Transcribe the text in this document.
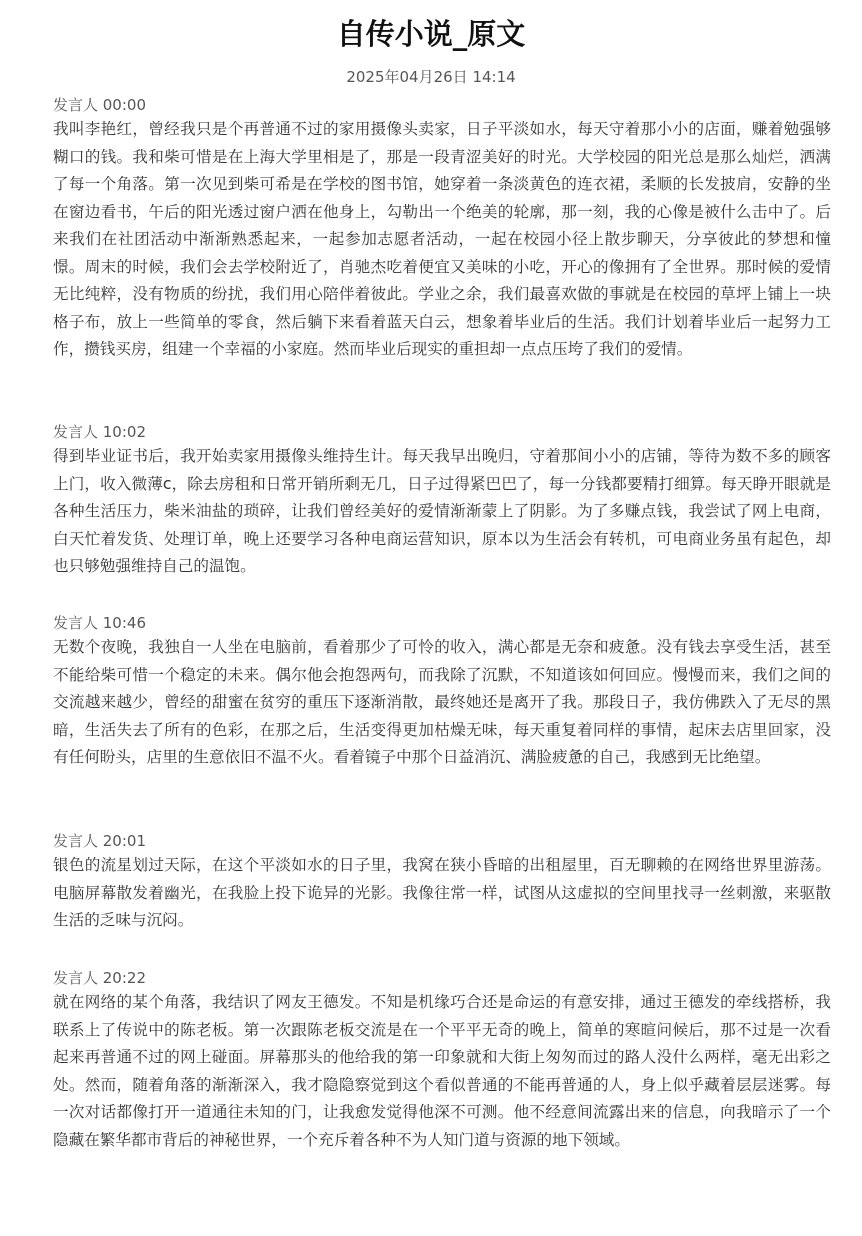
自传小说_原文
2025年04月26日 14:14
发言人 00:00

我叫李艳红，曾经我只是个再普通不过的家用摄像头卖家，日子平淡如水，每天守着那小小的店面，赚着勉强够糊口的钱。我和柴可惜是在上海大学里相是了，那是一段青涩美好的时光。大学校园的阳光总是那么灿烂，洒满了每一个角落。第一次见到柴可希是在学校的图书馆，她穿着一条淡黄色的连衣裙，柔顺的长发披肩，安静的坐在窗边看书，午后的阳光透过窗户洒在他身上，勾勒出一个绝美的轮廓，那一刻，我的心像是被什么击中了。后来我们在社团活动中渐渐熟悉起来，一起参加志愿者活动，一起在校园小径上散步聊天，分享彼此的梦想和憧憬。周末的时候，我们会去学校附近了，肖驰杰吃着便宜又美味的小吃，开心的像拥有了全世界。那时候的爱情无比纯粹，没有物质的纷扰，我们用心陪伴着彼此。学业之余，我们最喜欢做的事就是在校园的草坪上铺上一块格子布，放上一些简单的零食，然后躺下来看着蓝天白云，想象着毕业后的生活。我们计划着毕业后一起努力工作，攒钱买房，组建一个幸福的小家庭。然而毕业后现实的重担却一点点压垮了我们的爱情。

发言人 10:02

得到毕业证书后，我开始卖家用摄像头维持生计。每天我早出晚归，守着那间小小的店铺，等待为数不多的顾客上门，收入微薄c，除去房租和日常开销所剩无几，日子过得紧巴巴了，每一分钱都要精打细算。每天睁开眼就是各种生活压力，柴米油盐的琐碎，让我们曾经美好的爱情渐渐蒙上了阴影。为了多赚点钱，我尝试了网上电商，白天忙着发货、处理订单，晚上还要学习各种电商运营知识，原本以为生活会有转机，可电商业务虽有起色，却也只够勉强维持自己的温饱。

发言人 10:46

无数个夜晚，我独自一人坐在电脑前，看着那少了可怜的收入，满心都是无奈和疲惫。没有钱去享受生活，甚至不能给柴可惜一个稳定的未来。偶尔他会抱怨两句，而我除了沉默，不知道该如何回应。慢慢而来，我们之间的交流越来越少，曾经的甜蜜在贫穷的重压下逐渐消散，最终她还是离开了我。那段日子，我仿佛跌入了无尽的黑暗，生活失去了所有的色彩，在那之后，生活变得更加枯燥无味，每天重复着同样的事情，起床去店里回家，没有任何盼头，店里的生意依旧不温不火。看着镜子中那个日益消沉、满脸疲惫的自己，我感到无比绝望。

发言人 20:01

银色的流星划过天际，在这个平淡如水的日子里，我窝在狭小昏暗的出租屋里，百无聊赖的在网络世界里游荡。电脑屏幕散发着幽光，在我脸上投下诡异的光影。我像往常一样，试图从这虚拟的空间里找寻一丝刺激，来驱散生活的乏味与沉闷。

发言人 20:22

就在网络的某个角落，我结识了网友王德发。不知是机缘巧合还是命运的有意安排，通过王德发的牵线搭桥，我联系上了传说中的陈老板。第一次跟陈老板交流是在一个平平无奇的晚上，简单的寒暄问候后，那不过是一次看起来再普通不过的网上碰面。屏幕那头的他给我的第一印象就和大街上匆匆而过的路人没什么两样，毫无出彩之处。然而，随着角落的渐渐深入，我才隐隐察觉到这个看似普通的不能再普通的人，身上似乎藏着层层迷雾。每一次对话都像打开一道通往未知的门，让我愈发觉得他深不可测。他不经意间流露出来的信息，向我暗示了一个隐藏在繁华都市背后的神秘世界，一个充斥着各种不为人知门道与资源的地下领域。
